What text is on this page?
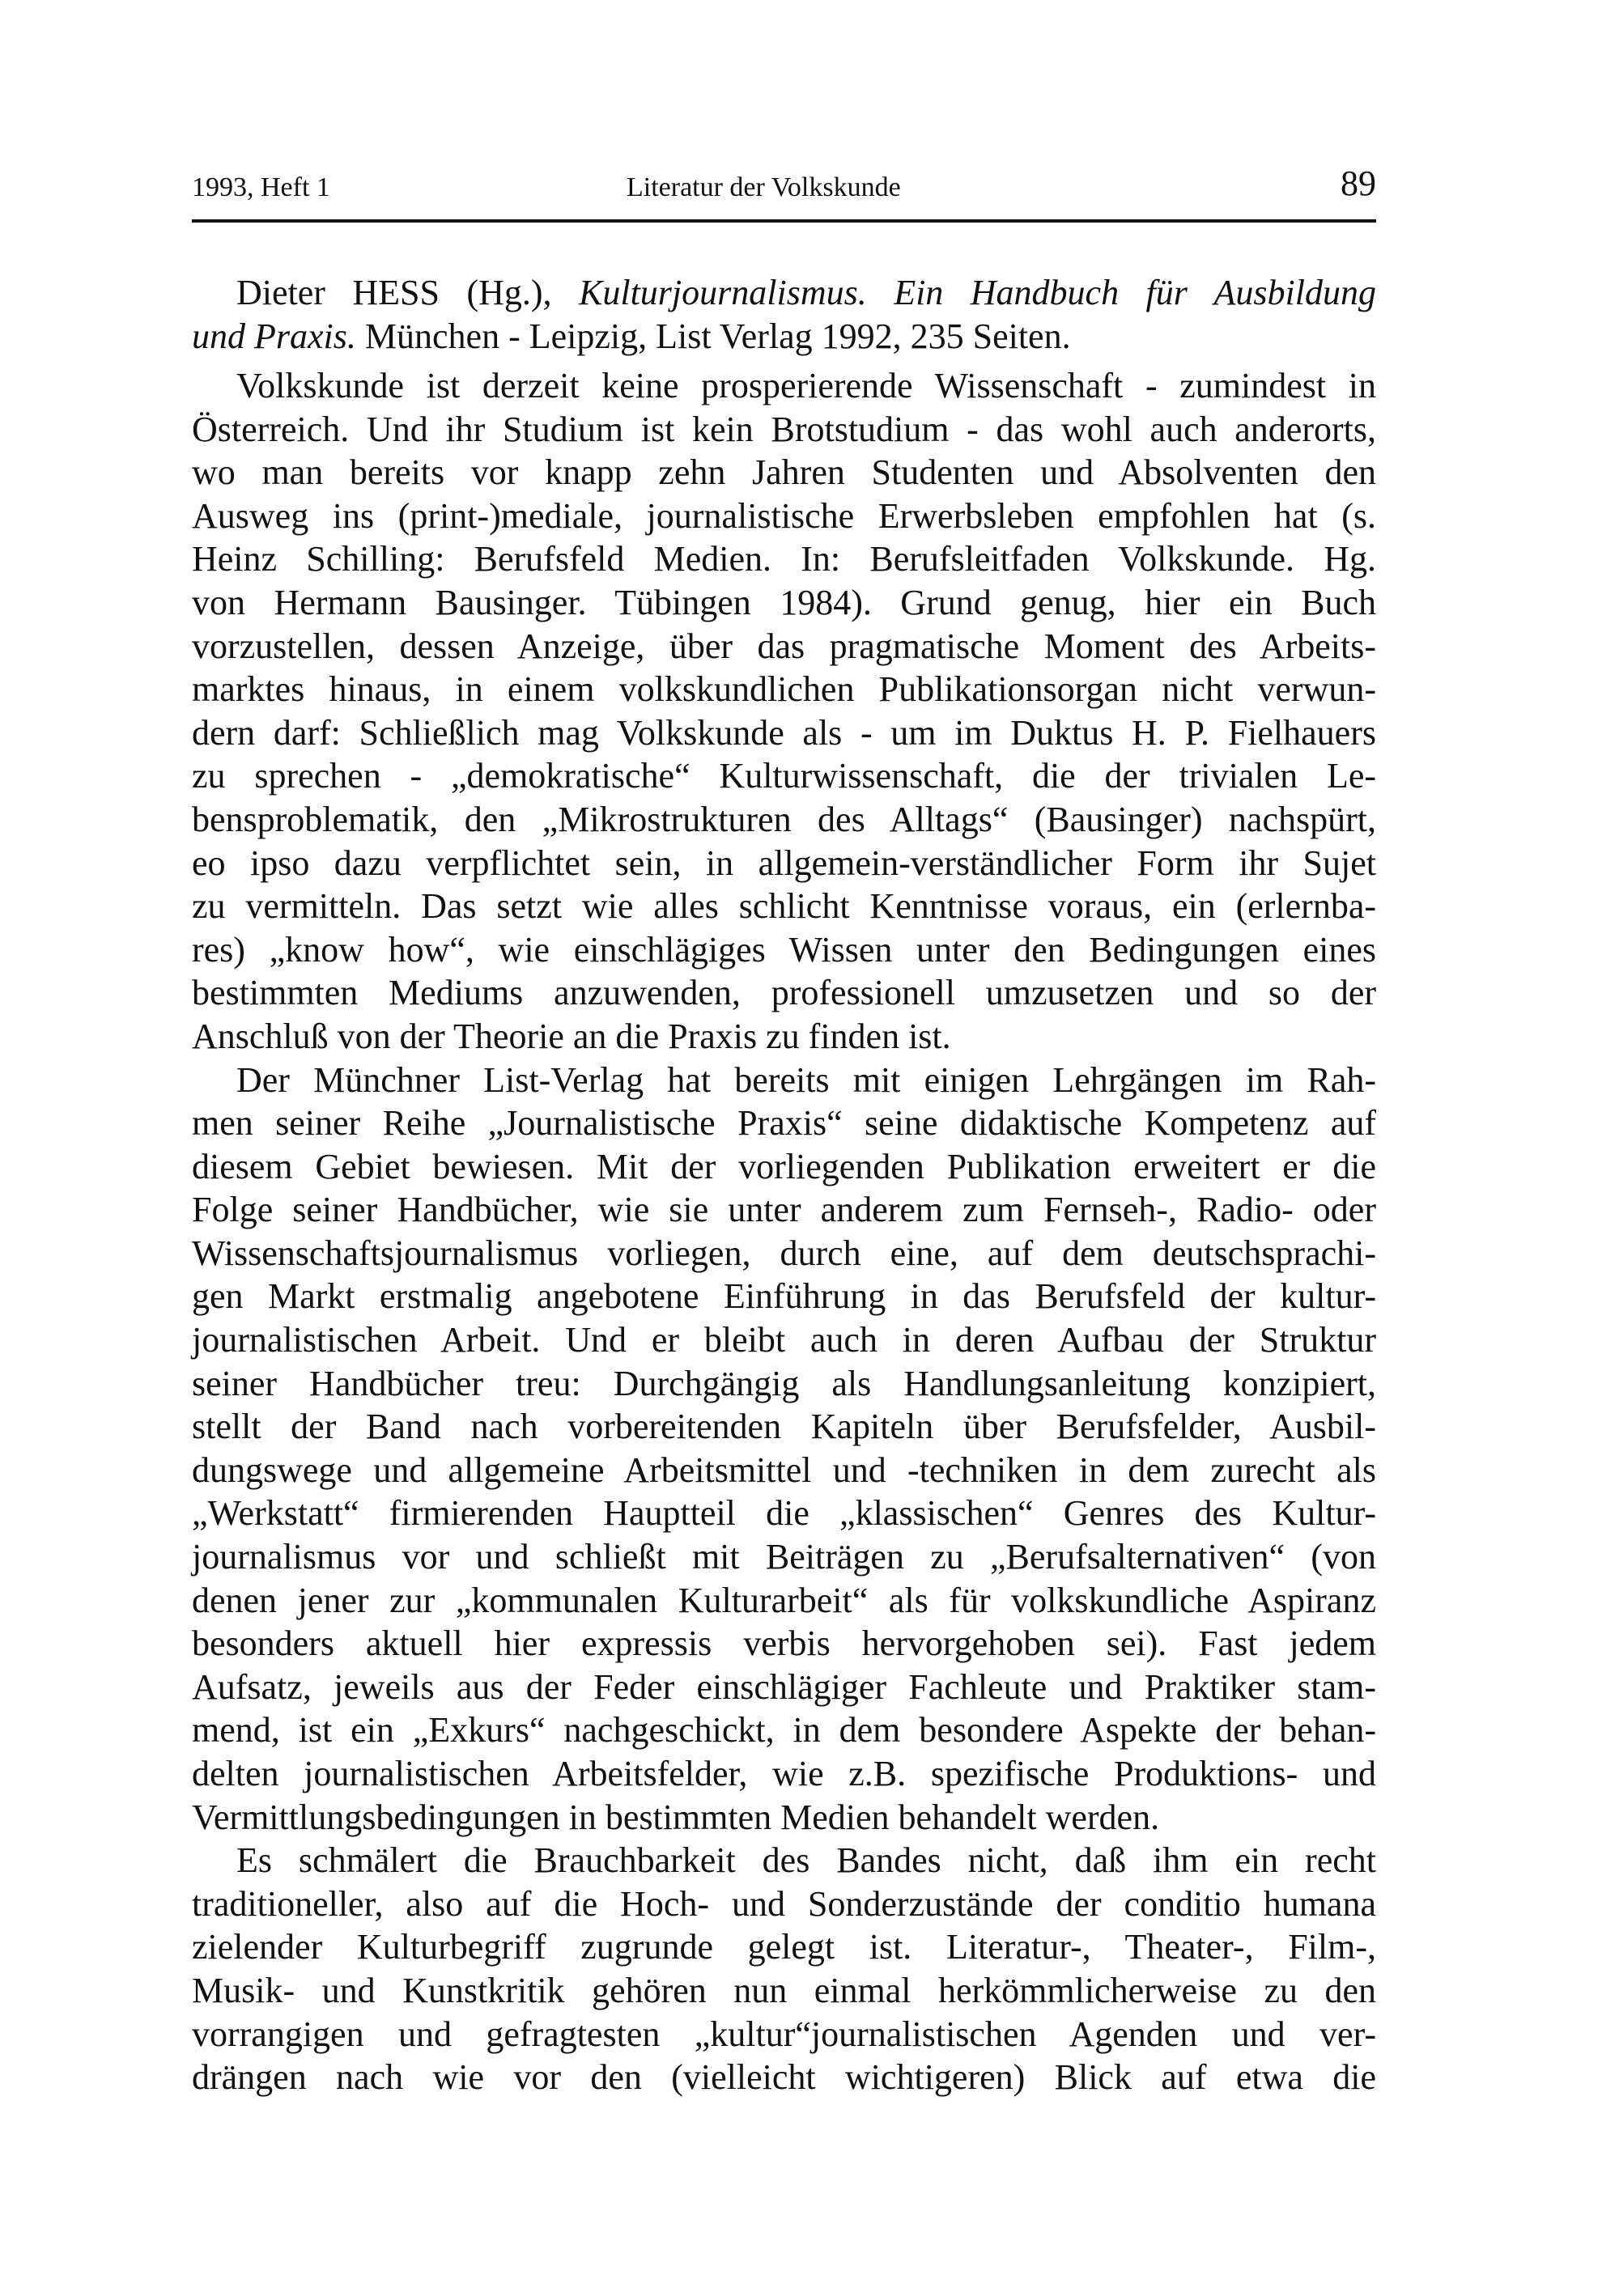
1993, Heft 1	Literatur der Volkskunde	89
Dieter HESS (Hg.), Kulturjournalismus. Ein Handbuch für Ausbildung
und Praxis. München - Leipzig, List Verlag 1992, 235 Seiten.
Volkskunde ist derzeit keine prosperierende Wissenschaft - zumindest in
Österreich. Und ihr Studium ist kein Brotstudium - das wohl auch anderorts,
wo man bereits vor knapp zehn Jahren Studenten und Absolventen den
Ausweg ins (print-)mediale, journalistische Erwerbsleben empfohlen hat (s.
Heinz Schilling: Berufsfeld Medien. In: Berufsleitfaden Volkskunde. Hg.
von Hermann Bausinger. Tübingen 1984). Grund genug, hier ein Buch
vorzustellen, dessen Anzeige, über das pragmatische Moment des Arbeits-
marktes hinaus, in einem volkskundlichen Publikationsorgan nicht verwun-
dern darf: Schließlich mag Volkskunde als - um im Duktus H. P. Fielhauers
zu sprechen - „demokratische“ Kulturwissenschaft, die der trivialen Le-
bensproblematik, den „Mikrostrukturen des Alltags“ (Bausinger) nachspürt,
eo ipso dazu verpflichtet sein, in allgemein-verständlicher Form ihr Sujet
zu vermitteln. Das setzt wie alles schlicht Kenntnisse voraus, ein (erlernba-
res) „know how“, wie einschlägiges Wissen unter den Bedingungen eines
bestimmten Mediums anzuwenden, professionell umzusetzen und so der
Anschluß von der Theorie an die Praxis zu finden ist.
Der Münchner List-Verlag hat bereits mit einigen Lehrgängen im Rah-
men seiner Reihe „Journalistische Praxis“ seine didaktische Kompetenz auf
diesem Gebiet bewiesen. Mit der vorliegenden Publikation erweitert er die
Folge seiner Handbücher, wie sie unter anderem zum Fernseh-, Radio- oder
Wissenschaftsjournalismus vorliegen, durch eine, auf dem deutschsprachi-
gen Markt erstmalig angebotene Einführung in das Berufsfeld der kultur-
journalistischen Arbeit. Und er bleibt auch in deren Aufbau der Struktur
seiner Handbücher treu: Durchgängig als Handlungsanleitung konzipiert,
stellt der Band nach vorbereitenden Kapiteln über Berufsfelder, Ausbil-
dungswege und allgemeine Arbeitsmittel und -techniken in dem zurecht als
„Werkstatt“ firmierenden Hauptteil die „klassischen“ Genres des Kultur-
journalismus vor und schließt mit Beiträgen zu „Berufsalternativen“ (von
denen jener zur „kommunalen Kulturarbeit“ als für volkskundliche Aspiranz
besonders aktuell hier expressis verbis hervorgehoben sei). Fast jedem
Aufsatz, jeweils aus der Feder einschlägiger Fachleute und Praktiker stam-
mend, ist ein „Exkurs“ nachgeschickt, in dem besondere Aspekte der behan-
delten journalistischen Arbeitsfelder, wie z.B. spezifische Produktions- und
Vermittlungsbedingungen in bestimmten Medien behandelt werden.
Es schmälert die Brauchbarkeit des Bandes nicht, daß ihm ein recht
traditioneller, also auf die Hoch- und Sonderzustände der conditio humana
zielender Kulturbegriff zugrunde gelegt ist. Literatur-, Theater-, Film-,
Musik- und Kunstkritik gehören nun einmal herkömmlicherweise zu den
vorrangigen und gefragtesten „kultur“journalistischen Agenden und ver-
drängen nach wie vor den (vielleicht wichtigeren) Blick auf etwa die
